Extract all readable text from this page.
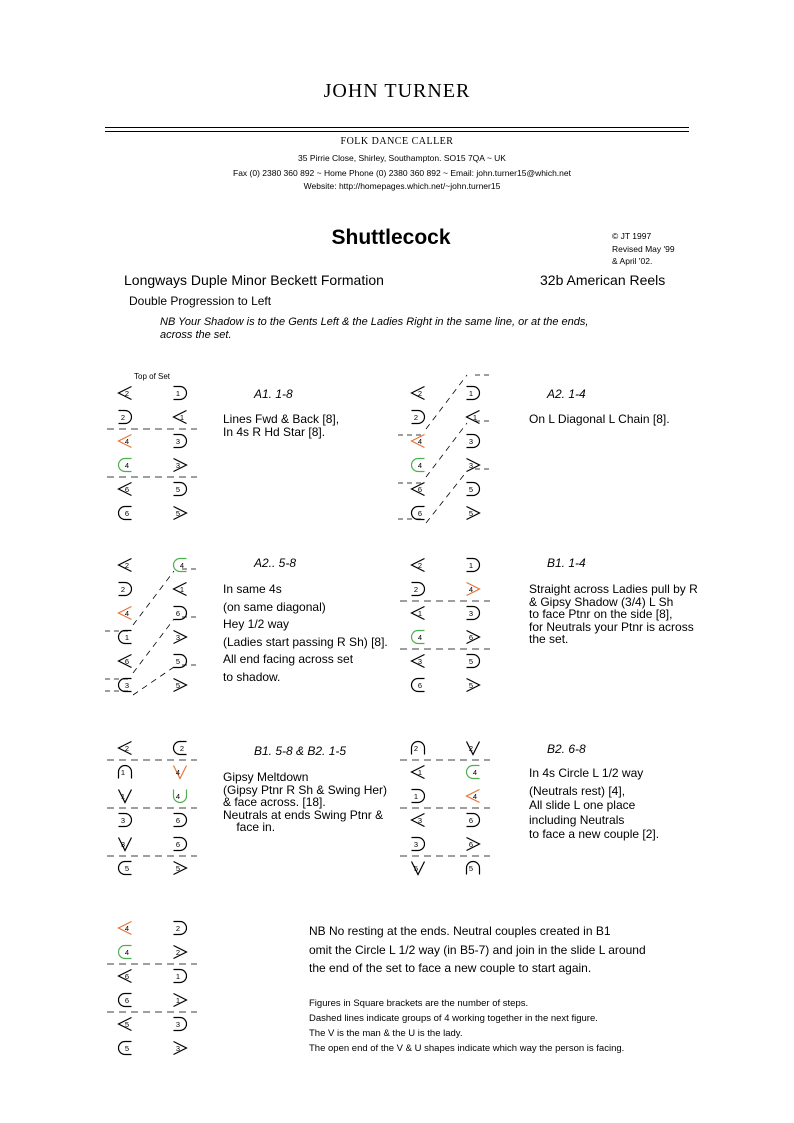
JOHN TURNER
FOLK DANCE CALLER
35 Pirrie Close, Shirley, Southampton. SO15 7QA ~ UK
Fax (0) 2380 360 892 ~ Home Phone (0) 2380 360 892 ~ Email: john.turner15@which.net
Website: http://homepages.which.net/~john.turner15
Shuttlecock	© JT 1997
Revised May '99
& April '02.
Longways Duple Minor Beckett Formation	32b American Reels
Double Progression to Left
NB Your Shadow is to the Gents Left & the Ladies Right in the same line, or at the ends, across the set.
Top of Set
2	1
2	1
4	3
4	3
6	5
6	5
2	1
2	1
4	3
4	3
6	5
6	5
2	4
2	1
4	6
1	3
6	5
3	5
2	1
2	4
1	3
4	6
3	5
6	5
2	2
1	4
1	4
3	6
3	6
5	5
2	2
1	4
1	4
3	6
3	6
5	5
4	2
4	2
6	1
6	1
5	3
5	3
A1. 1-8
Lines Fwd & Back [8],
In 4s R Hd Star [8].
A2. 1-4
On L Diagonal L Chain [8].
A2.. 5-8
In same 4s
(on same diagonal)
Hey 1/2 way
(Ladies start passing R Sh) [8].
All end facing across set
to shadow.
B1. 1-4
Straight across Ladies pull by R
& Gipsy Shadow (3/4) L Sh
to face Ptnr on the side [8],
for Neutrals your Ptnr is across
the set.
B1. 5-8 & B2. 1-5
Gipsy Meltdown
(Gipsy Ptnr R Sh & Swing Her)
& face across. [18].
Neutrals at ends Swing Ptnr &
face in.
B2. 6-8
In 4s Circle L 1/2 way
(Neutrals rest) [4],
All slide L one place
including Neutrals
to face a new couple [2].
NB No resting at the ends. Neutral couples created in B1
omit the Circle L 1/2 way (in B5-7) and join in the slide L around
the end of the set to face a new couple to start again.
Figures in Square brackets are the number of steps.
Dashed lines indicate groups of 4 working together in the next figure.
The V is the man & the U is the lady.
The open end of the V & U shapes indicate which way the person is facing.
